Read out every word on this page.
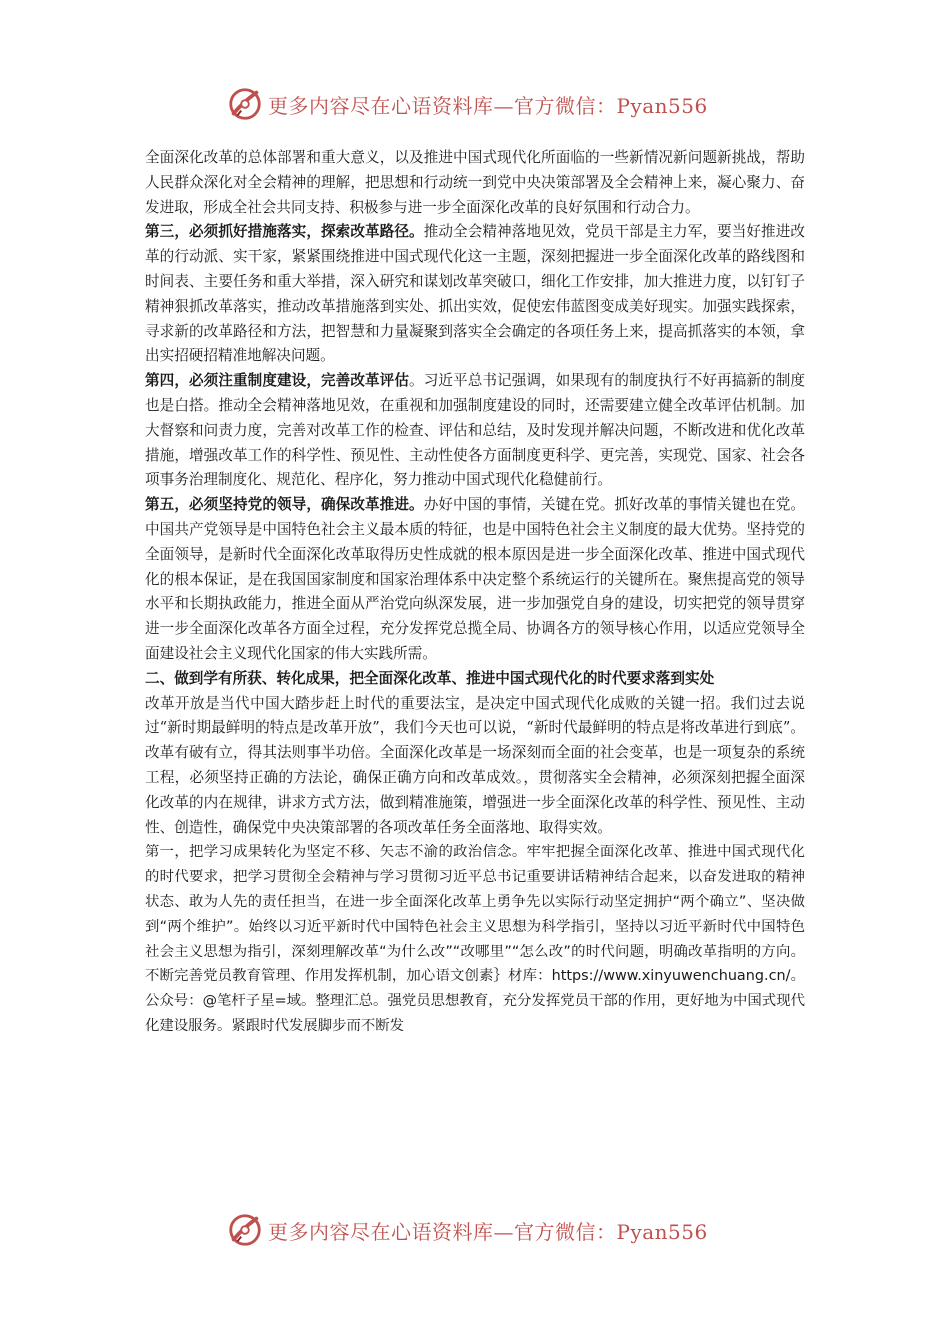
更多内容尽在心语资料库—官方微信：Pyan556

全面深化改革的总体部署和重大意义，以及推进中国式现代化所面临的一些新情况新问题新挑战，帮助人民群众深化对全会精神的理解，把思想和行动统一到党中央决策部署及全会精神上来，凝心聚力、奋发进取，形成全社会共同支持、积极参与进一步全面深化改革的良好氛围和行动合力。

第三，必须抓好措施落实，探索改革路径。推动全会精神落地见效，党员干部是主力军，要当好推进改革的行动派、实干家，紧紧围绕推进中国式现代化这一主题，深刻把握进一步全面深化改革的路线图和时间表、主要任务和重大举措，深入研究和谋划改革突破口，细化工作安排，加大推进力度，以钉钉子精神狠抓改革落实，推动改革措施落到实处、抓出实效，促使宏伟蓝图变成美好现实。加强实践探索，寻求新的改革路径和方法，把智慧和力量凝聚到落实全会确定的各项任务上来，提高抓落实的本领，拿出实招硬招精准地解决问题。

第四，必须注重制度建设，完善改革评估。习近平总书记强调，如果现有的制度执行不好再搞新的制度也是白搭。推动全会精神落地见效，在重视和加强制度建设的同时，还需要建立健全改革评估机制。加大督察和问责力度，完善对改革工作的检查、评估和总结，及时发现并解决问题，不断改进和优化改革措施，增强改革工作的科学性、预见性、主动性使各方面制度更科学、更完善，实现党、国家、社会各项事务治理制度化、规范化、程序化，努力推动中国式现代化稳健前行。

第五，必须坚持党的领导，确保改革推进。办好中国的事情，关键在党。抓好改革的事情关键也在党。中国共产党领导是中国特色社会主义最本质的特征，也是中国特色社会主义制度的最大优势。坚持党的全面领导，是新时代全面深化改革取得历史性成就的根本原因是进一步全面深化改革、推进中国式现代化的根本保证，是在我国国家制度和国家治理体系中决定整个系统运行的关键所在。聚焦提高党的领导水平和长期执政能力，推进全面从严治党向纵深发展，进一步加强党自身的建设，切实把党的领导贯穿进一步全面深化改革各方面全过程，充分发挥党总揽全局、协调各方的领导核心作用，以适应党领导全面建设社会主义现代化国家的伟大实践所需。

二、做到学有所获、转化成果，把全面深化改革、推进中国式现代化的时代要求落到实处

改革开放是当代中国大踏步赶上时代的重要法宝，是决定中国式现代化成败的关键一招。我们过去说过“新时期最鲜明的特点是改革开放”，我们今天也可以说，“新时代最鲜明的特点是将改革进行到底”。改革有破有立，得其法则事半功倍。全面深化改革是一场深刻而全面的社会变革，也是一项复杂的系统工程，必须坚持正确的方法论，确保正确方向和改革成效。，贯彻落实全会精神，必须深刻把握全面深化改革的内在规律，讲求方式方法，做到精准施策，增强进一步全面深化改革的科学性、预见性、主动性、创造性，确保党中央决策部署的各项改革任务全面落地、取得实效。

第一，把学习成果转化为坚定不移、矢志不渝的政治信念。牢牢把握全面深化改革、推进中国式现代化的时代要求，把学习贯彻全会精神与学习贯彻习近平总书记重要讲话精神结合起来，以奋发进取的精神状态、敢为人先的责任担当，在进一步全面深化改革上勇争先以实际行动坚定拥护“两个确立”、坚决做到“两个维护”。始终以习近平新时代中国特色社会主义思想为科学指引，坚持以习近平新时代中国特色社会主义思想为指引，深刻理解改革“为什么改”“改哪里”“怎么改”的时代问题，明确改革指明的方向。不断完善党员教育管理、作用发挥机制，加心语文创素｝材库：https://www.xinyuwenchuang.cn/。公众号：@笔杆子星=域。整理汇总。强党员思想教育，充分发挥党员干部的作用，更好地为中国式现代化建设服务。紧跟时代发展脚步而不断发

更多内容尽在心语资料库—官方微信：Pyan556
